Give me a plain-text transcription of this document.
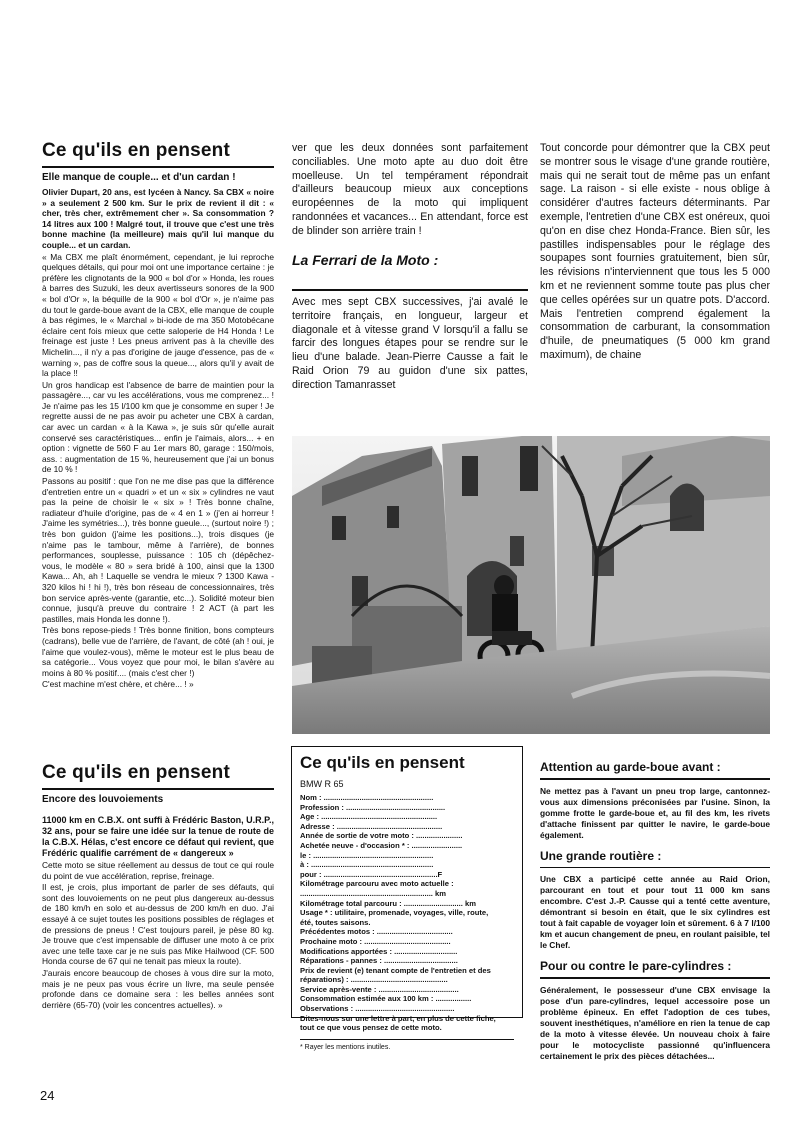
Ce qu'ils en pensent

Elle manque de couple... et d'un cardan !

Olivier Dupart, 20 ans, est lycéen à Nancy. Sa CBX « noire » a seulement 2 500 km. Sur le prix de revient il dit : « cher, très cher, extrêmement cher ». Sa consommation ? 14 litres aux 100 ! Malgré tout, il trouve que c'est une très bonne machine (la meilleure) mais qu'il lui manque du couple... et un cardan.

« Ma CBX me plaît énormément, cependant, je lui reproche quelques détails, qui pour moi ont une importance certaine : je préfère les clignotants de la 900 « bol d'or » Honda, les roues à barres des Suzuki, les deux avertisseurs sonores de la 900 « bol d'Or », la béquille de la 900 « bol d'Or », je n'aime pas du tout le garde-boue avant de la CBX, elle manque de couple à bas régimes, le « Marchal » bi-iode de ma 350 Motobécane éclaire cent fois mieux que cette saloperie de H4 Honda ! Le freinage est juste ! Les pneus arrivent pas à la cheville des Michelin..., il n'y a pas d'origine de jauge d'essence, pas de « warning », pas de coffre sous la queue..., alors qu'il y avait de la place !!

Un gros handicap est l'absence de barre de maintien pour la passagère..., car vu les accélérations, vous me comprenez... ! Je n'aime pas les 15 l/100 km que je consomme en super ! Je regrette aussi de ne pas avoir pu acheter une CBX à cardan, car avec un cardan « à la Kawa », je suis sûr qu'elle aurait conservé ses caractéristiques... enfin je l'aimais, alors... + en option : vignette de 560 F au 1er mars 80, garage : 150/mois, ass. : augmentation de 15 %, heureusement que j'ai un bonus de 10 % !

Passons au positif : que l'on ne me dise pas que la différence d'entretien entre un « quadri » et un « six » cylindres ne vaut pas la peine de choisir le « six » ! Très bonne chaîne, radiateur d'huile d'origine, pas de « 4 en 1 » (j'en ai horreur ! J'aime les symétries...), très bonne gueule..., (surtout noire !) ; très bon guidon (j'aime les positions...), trois disques (je n'aime pas le tambour, même à l'arrière), de bonnes performances, souplesse, puissance : 105 ch (dépêchez-vous, le modèle « 80 » sera bridé à 100, ainsi que la 1300 Kawa... Ah, ah ! Laquelle se vendra le mieux ? 1300 Kawa - 320 kilos hi ! hi !), très bon réseau de concessionnaires, très bon service après-vente (garantie, etc...). Solidité moteur bien connue, jusqu'à preuve du contraire ! 2 ACT (à part les pastilles, mais Honda les donne !).

Très bons repose-pieds ! Très bonne finition, bons compteurs (cadrans), belle vue de l'arrière, de l'avant, de côté (ah ! oui, je l'aime que voulez-vous), même le moteur est le plus beau de sa catégorie... Vous voyez que pour moi, le bilan s'avère au moins à 80 % positif.... (mais c'est cher !)

C'est machine m'est chère, et chère... ! »

Ce qu'ils en pensent

Encore des louvoiements

11000 km en C.B.X. ont suffi à Frédéric Baston, U.R.P., 32 ans, pour se faire une idée sur la tenue de route de la C.B.X. Hélas, c'est encore ce défaut qui revient, que Frédéric qualifie carrément de « dangereux »

Cette moto se situe réellement au dessus de tout ce qui roule du point de vue accélération, reprise, freinage.

Il est, je crois, plus important de parler de ses défauts, qui sont des louvoiements on ne peut plus dangereux au-dessus de 180 km/h en solo et au-dessus de 200 km/h en duo. J'ai essayé à ce sujet toutes les positions possibles de réglages et de pressions de pneus ! C'est toujours pareil, je pèse 80 kg. Je trouve que c'est impensable de diffuser une moto à ce prix avec une telle taxe car je ne suis pas Mike Hailwood (CF. 500 Honda course de 67 qui ne tenait pas mieux la route).

J'aurais encore beaucoup de choses à vous dire sur la moto, mais je ne peux pas vous écrire un livre, ma seule pensée profonde dans ce domaine sera : les belles années sont derrière (65-70) (voir les concentres actuelles). »

ver que les deux données sont parfaitement conciliables. Une moto apte au duo doit être moelleuse. Un tel tempérament répondrait d'ailleurs beaucoup mieux aux conceptions européennes de la moto qui impliquent randonnées et vacances... En attendant, force est de blinder son arrière train !

La Ferrari de la Moto :

Avec mes sept CBX successives, j'ai avalé le territoire français, en longueur, largeur et diagonale et à vitesse grand V lorsqu'il a fallu se farcir des longues étapes pour se rendre sur le lieu d'une balade. Jean-Pierre Causse a fait le Raid Orion 79 au guidon d'une six pattes, direction Tamanrasset

Tout concorde pour démontrer que la CBX peut se montrer sous le visage d'une grande routière, mais qui ne serait tout de même pas un enfant sage. La raison - si elle existe - nous oblige à considérer d'autres facteurs déterminants. Par exemple, l'entretien d'une CBX est onéreux, quoi qu'on en dise chez Honda-France. Bien sûr, les pastilles indispensables pour le réglage des soupapes sont fournies gratuitement, bien sûr, les révisions n'interviennent que tous les 5 000 km et ne reviennent somme toute pas plus cher que celles opérées sur un quatre pots. D'accord. Mais l'entretien comprend également la consommation de carburant, la consommation d'huile, de pneumatiques (5 000 km grand maximum), de chaine

Ce qu'ils en pensent

BMW R 65

Nom : ....................................................

Profession : ...............................................

Age : .......................................................

Adresse : ..................................................

Année de sortie de votre moto : ......................

Achetée neuve - d'occasion * : ........................

le : .........................................................

à : ..........................................................

pour : ......................................................F

Kilométrage parcouru avec moto actuelle :

............................................................... km

Kilométrage total parcouru : ............................ km

Usage * : utilitaire, promenade, voyages, ville, route,

été, toutes saisons.

Précédentes motos : ....................................

Prochaine moto : .........................................

Modifications apportées : ..............................

Réparations - pannes : ...................................

Prix de revient (e) tenant compte de l'entretien et des

réparations) : ..............................................

Service après-vente : ......................................

Consommation estimée aux 100 km : .................

Observations : ...............................................

Dites-nous sur une lettre à part, en plus de cette fiche,

tout ce que vous pensez de cette moto.

* Rayer les mentions inutiles.

Attention au garde-boue avant :

Ne mettez pas à l'avant un pneu trop large, cantonnez-vous aux dimensions préconisées par l'usine. Sinon, la gomme frotte le garde-boue et, au fil des km, les rivets d'attache finissent par quitter le navire, le garde-boue également.

Une grande routière :

Une CBX a participé cette année au Raid Orion, parcourant en tout et pour tout 11 000 km sans encombre. C'est J.-P. Causse qui a tenté cette aventure, démontrant si besoin en était, que le six cylindres est tout à fait capable de voyager loin et sûrement. 6 à 7 l/100 km et aucun changement de pneu, en roulant paisible, tel le Chef.

Pour ou contre le pare-cylindres :

Généralement, le possesseur d'une CBX envisage la pose d'un pare-cylindres, lequel accessoire pose un problème épineux. En effet l'adoption de ces tubes, souvent inesthétiques, n'améliore en rien la tenue de cap de la moto à vitesse élevée. Un nouveau choix à faire pour le motocycliste passionné qu'influencera certainement le prix des pièces détachées...

24
